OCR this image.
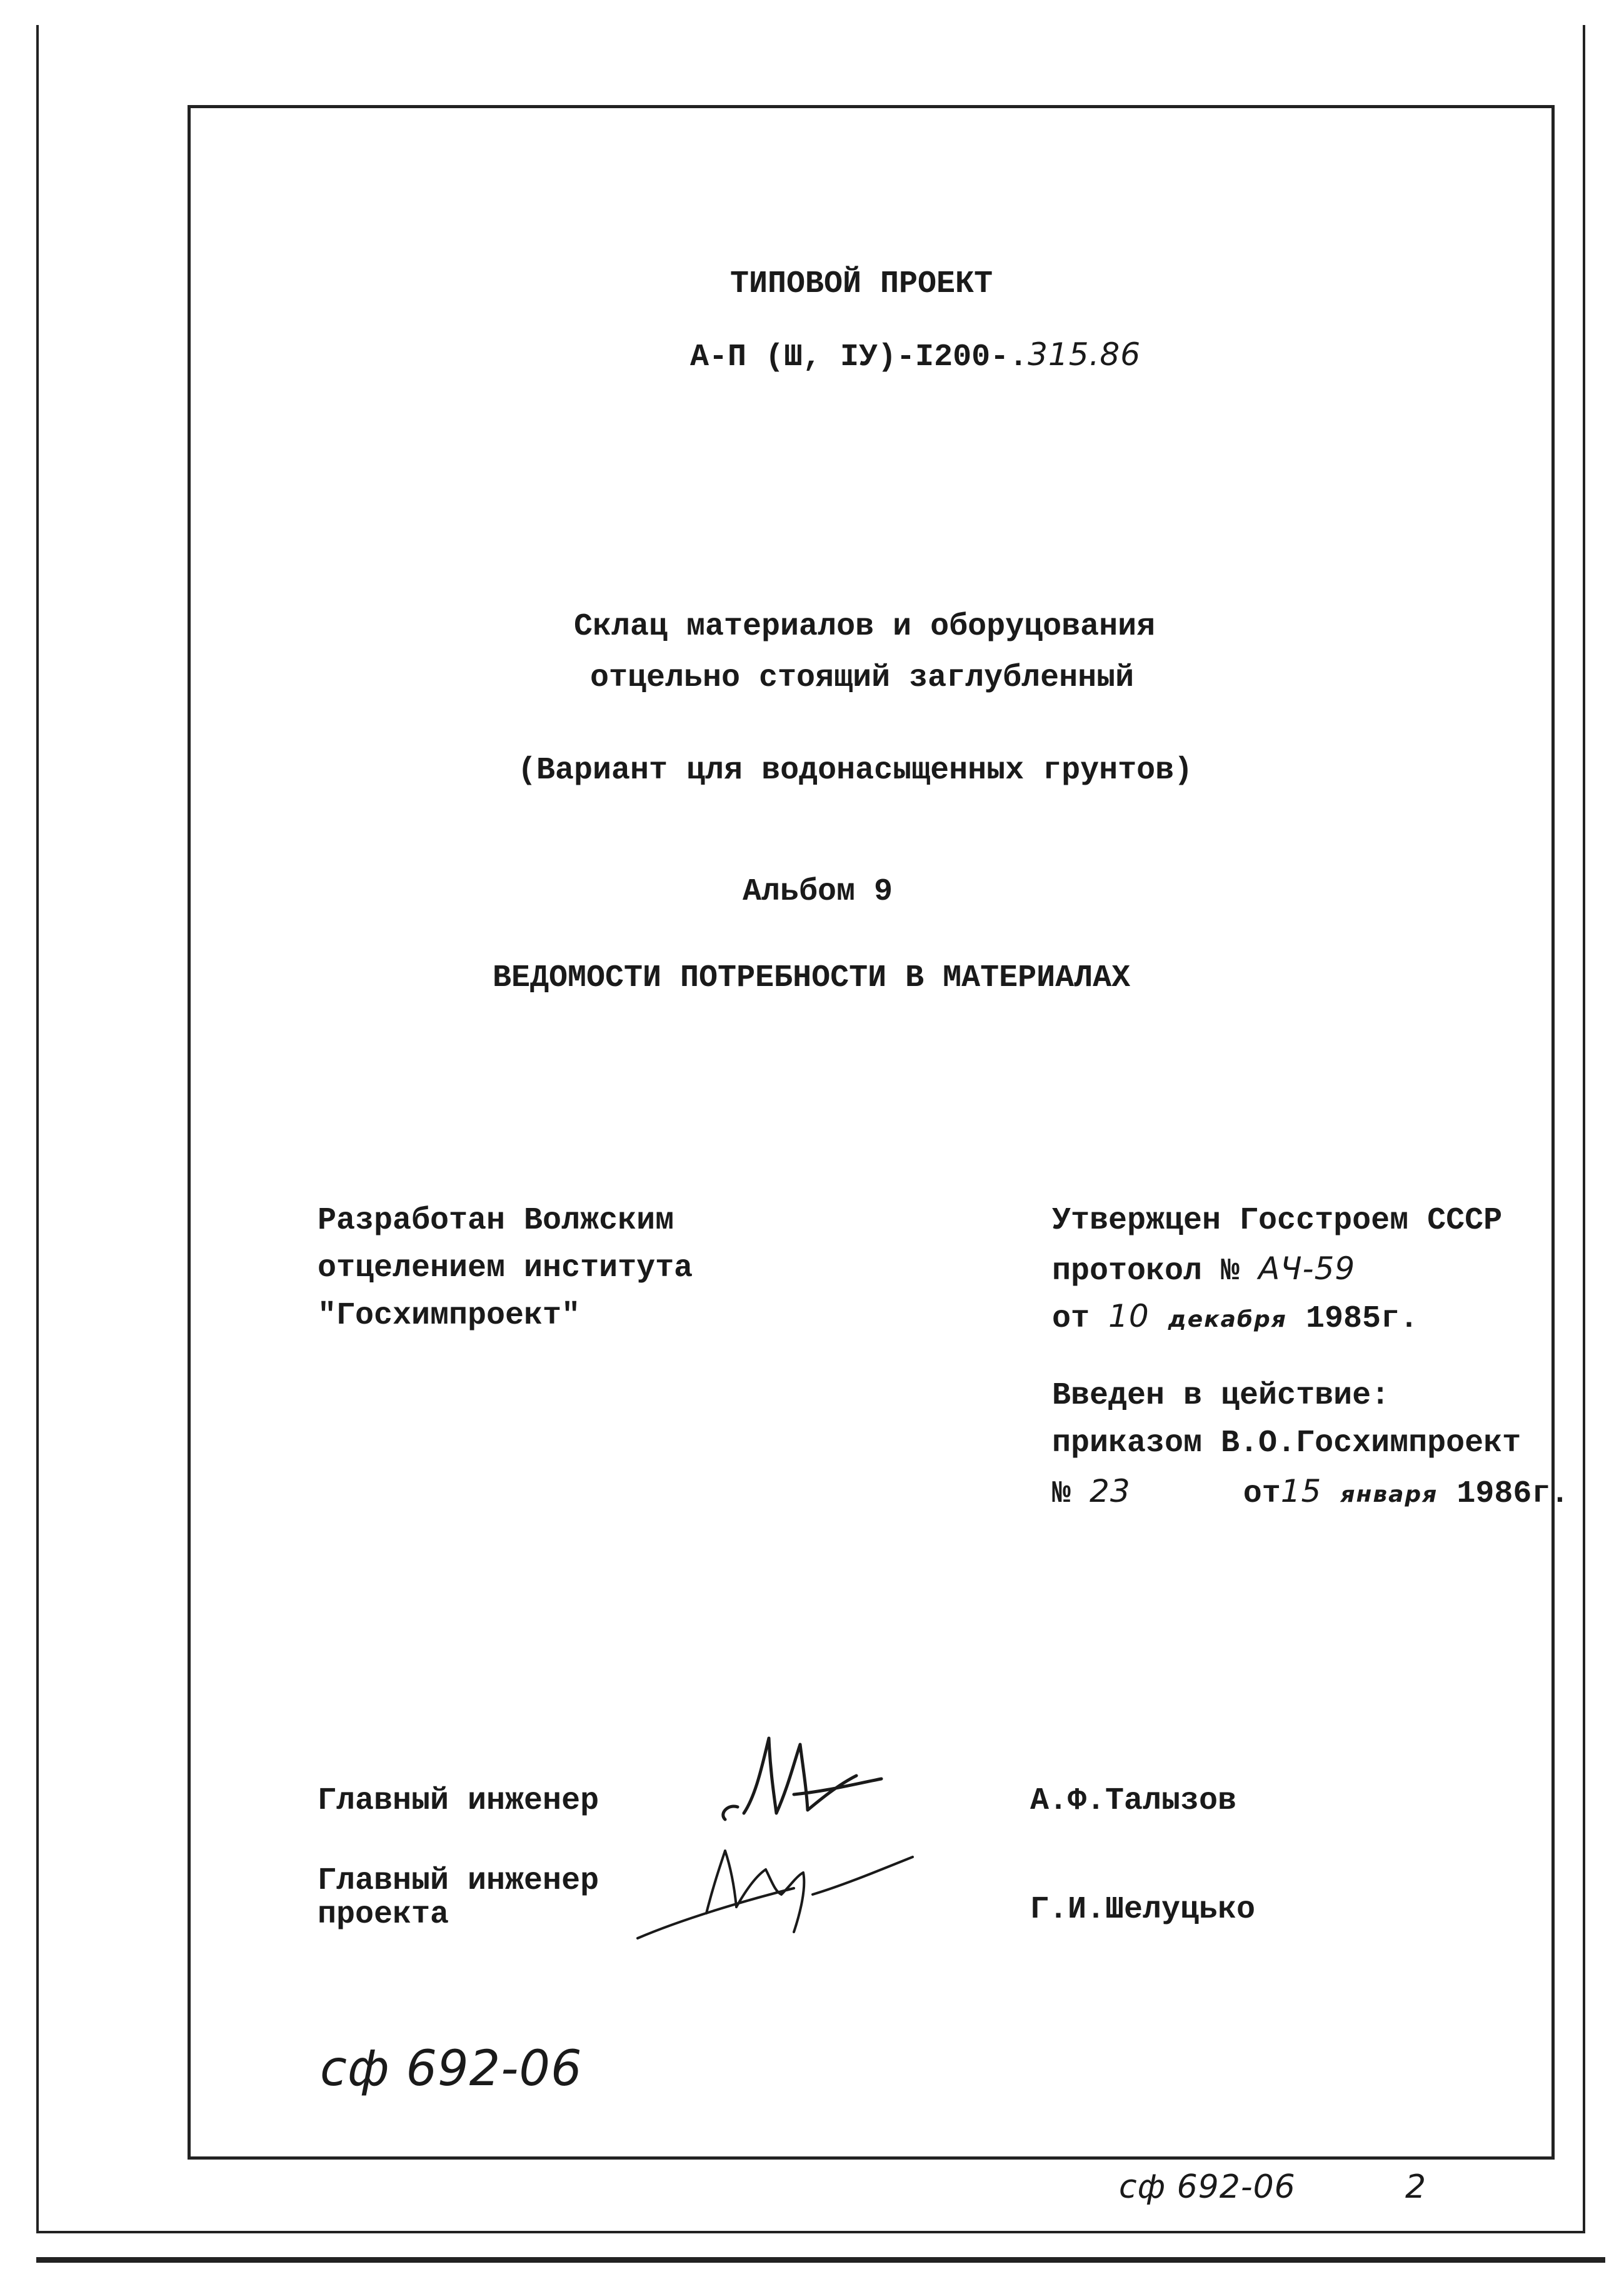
ТИПОВОЙ ПРОЕКТ
А-П (Ш, IУ)-I200-.315.86
Склац материалов и оборуцования
отцельно стоящий заглубленный
(Вариант цля водонасыщенных грунтов)
Альбом 9
ВЕДОМОСТИ ПОТРЕБНОСТИ В МАТЕРИАЛАХ
Разработан Волжским
отцелением института
"Госхимпроект"
Утвержцен Госстроем СССР
протокол № АЧ-59
от 10 декабря 1985г.
Введен в цействие:
приказом В.О.Госхимпроект
№ 23	от15 января 1986г.
Главный инженер	А.Ф.Талызов
Главный инженер
проекта	Г.И.Шелуцько
сф 692-06
сф 692-06	2
